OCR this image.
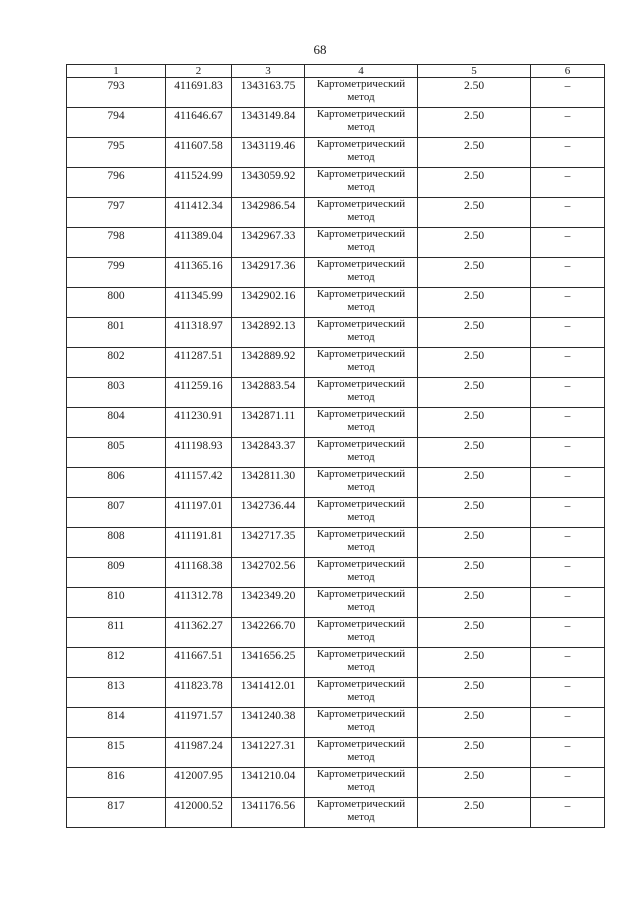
68
1	2	3	4	5	6
793	411691.83	1343163.75	Картометрический метод	2.50	–
794	411646.67	1343149.84	Картометрический метод	2.50	–
795	411607.58	1343119.46	Картометрический метод	2.50	–
796	411524.99	1343059.92	Картометрический метод	2.50	–
797	411412.34	1342986.54	Картометрический метод	2.50	–
798	411389.04	1342967.33	Картометрический метод	2.50	–
799	411365.16	1342917.36	Картометрический метод	2.50	–
800	411345.99	1342902.16	Картометрический метод	2.50	–
801	411318.97	1342892.13	Картометрический метод	2.50	–
802	411287.51	1342889.92	Картометрический метод	2.50	–
803	411259.16	1342883.54	Картометрический метод	2.50	–
804	411230.91	1342871.11	Картометрический метод	2.50	–
805	411198.93	1342843.37	Картометрический метод	2.50	–
806	411157.42	1342811.30	Картометрический метод	2.50	–
807	411197.01	1342736.44	Картометрический метод	2.50	–
808	411191.81	1342717.35	Картометрический метод	2.50	–
809	411168.38	1342702.56	Картометрический метод	2.50	–
810	411312.78	1342349.20	Картометрический метод	2.50	–
811	411362.27	1342266.70	Картометрический метод	2.50	–
812	411667.51	1341656.25	Картометрический метод	2.50	–
813	411823.78	1341412.01	Картометрический метод	2.50	–
814	411971.57	1341240.38	Картометрический метод	2.50	–
815	411987.24	1341227.31	Картометрический метод	2.50	–
816	412007.95	1341210.04	Картометрический метод	2.50	–
817	412000.52	1341176.56	Картометрический метод	2.50	–
